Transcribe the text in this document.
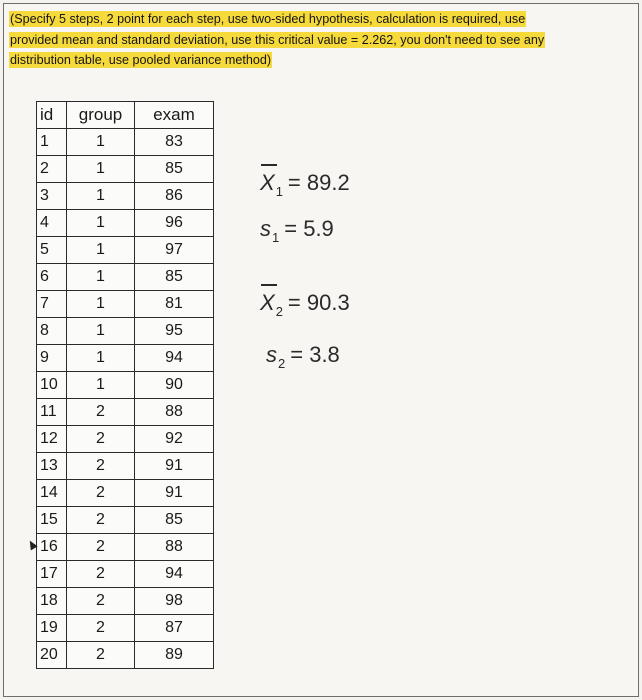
(Specify 5 steps, 2 point for each step, use two-sided hypothesis, calculation is required, use
provided mean and standard deviation, use this critical value = 2.262, you don't need to see any
distribution table, use pooled variance method)
id	group	exam
1	1	83
2	1	85
3	1	86
4	1	96
5	1	97
6	1	85
7	1	81
8	1	95
9	1	94
10	1	90
11	2	88
12	2	92
13	2	91
14	2	91
15	2	85
16	2	88
17	2	94
18	2	98
19	2	87
20	2	89
$X_1 = 89.2$
$s_1 = 5.9$
$X_2 = 90.3$
$s_2 = 3.8$
